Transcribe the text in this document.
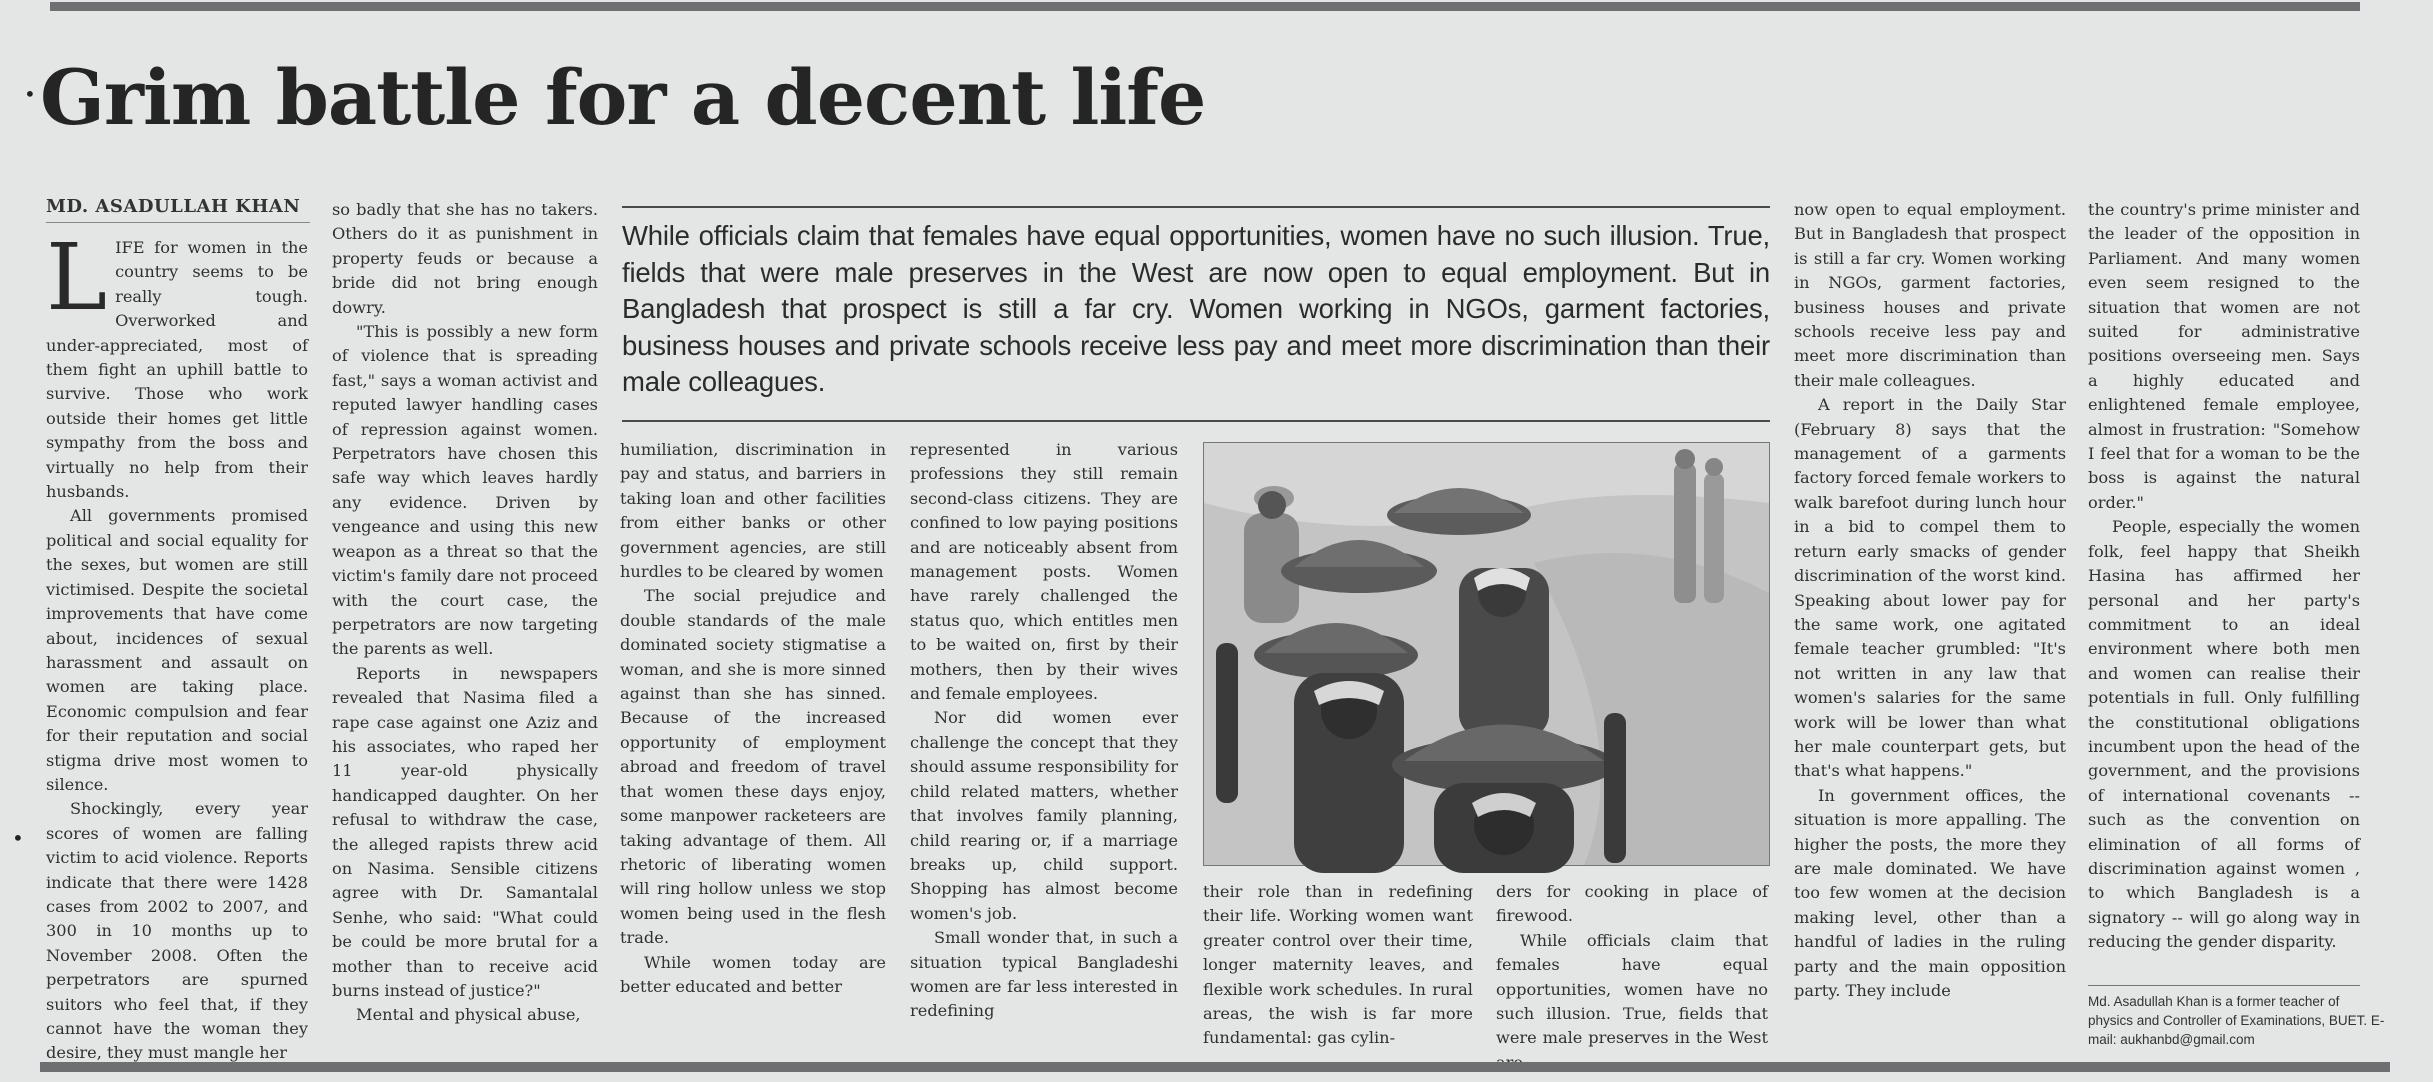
• Grim battle for a decent life
MD. ASADULLAH KHAN

LIFE for women in the country seems to be really tough. Overworked and under-appreciated, most of them fight an uphill battle to survive. Those who work outside their homes get little sympathy from the boss and virtually no help from their husbands.

All governments promised political and social equality for the sexes, but women are still victimised. Despite the societal improvements that have come about, incidences of sexual harassment and assault on women are taking place. Economic compulsion and fear for their reputation and social stigma drive most women to silence.

Shockingly, every year scores of women are falling victim to acid violence. Reports indicate that there were 1428 cases from 2002 to 2007, and 300 in 10 months up to November 2008. Often the perpetrators are spurned suitors who feel that, if they cannot have the woman they desire, they must mangle her

•

so badly that she has no takers. Others do it as punishment in property feuds or because a bride did not bring enough dowry.

"This is possibly a new form of violence that is spreading fast," says a woman activist and reputed lawyer handling cases of repression against women. Perpetrators have chosen this safe way which leaves hardly any evidence. Driven by vengeance and using this new weapon as a threat so that the victim's family dare not proceed with the court case, the perpetrators are now targeting the parents as well.

Reports in newspapers revealed that Nasima filed a rape case against one Aziz and his associates, who raped her 11 year-old physically handicapped daughter. On her refusal to withdraw the case, the alleged rapists threw acid on Nasima. Sensible citizens agree with Dr. Samantalal Senhe, who said: "What could be could be more brutal for a mother than to receive acid burns instead of justice?"

Mental and physical abuse,

While officials claim that females have equal opportunities, women have no such illusion. True, fields that were male preserves in the West are now open to equal employment. But in Bangladesh that prospect is still a far cry. Women working in NGOs, garment factories, business houses and private schools receive less pay and meet more discrimination than their male colleagues.

humiliation, discrimination in pay and status, and barriers in taking loan and other facilities from either banks or other government agencies, are still hurdles to be cleared by women

The social prejudice and double standards of the male dominated society stigmatise a woman, and she is more sinned against than she has sinned. Because of the increased opportunity of employment abroad and freedom of travel that women these days enjoy, some manpower racketeers are taking advantage of them. All rhetoric of liberating women will ring hollow unless we stop women being used in the flesh trade.

While women today are better educated and better

represented in various professions they still remain second-class citizens. They are confined to low paying positions and are noticeably absent from management posts. Women have rarely challenged the status quo, which entitles men to be waited on, first by their mothers, then by their wives and female employees.

Nor did women ever challenge the concept that they should assume responsibility for child related matters, whether that involves family planning, child rearing or, if a marriage breaks up, child support. Shopping has almost become women's job.

Small wonder that, in such a situation typical Bangladeshi women are far less interested in redefining

their role than in redefining their life. Working women want greater control over their time, longer maternity leaves, and flexible work schedules. In rural areas, the wish is far more fundamental: gas cylin-

ders for cooking in place of firewood.

While officials claim that females have equal opportunities, women have no such illusion. True, fields that were male preserves in the West

now open to equal employment. But in Bangladesh that prospect is still a far cry. Women working in NGOs, garment factories, business houses and private schools receive less pay and meet more discrimination than their male colleagues.

A report in the Daily Star (February 8) says that the management of a garments factory forced female workers to walk barefoot during lunch hour in a bid to compel them to return early smacks of gender discrimination of the worst kind. Speaking about lower pay for the same work, one agitated female teacher grumbled: "It's not written in any law that women's salaries for the same work will be lower than what her male counterpart gets, but that's what happens."

In government offices, the situation is more appalling. The higher the posts, the more they are male dominated. We have too few women at the decision making level, other than a handful of ladies in the ruling party and the main opposition party. They include

the country's prime minister and the leader of the opposition in Parliament. And many women even seem resigned to the situation that women are not suited for administrative positions overseeing men. Says a highly educated and enlightened female employee, almost in frustration: "Somehow I feel that for a woman to be the boss is against the natural order."

People, especially the women folk, feel happy that Sheikh Hasina has affirmed her personal and her party's commitment to an ideal environment where both men and women can realise their potentials in full. Only fulfilling the constitutional obligations incumbent upon the head of the government, and the provisions of international covenants -- such as the convention on elimination of all forms of discrimination against women , to which Bangladesh is a signatory -- will go along way in reducing the gender disparity.

Md. Asadullah Khan is a former teacher of physics and Controller of Examinations, BUET. E-mail: aukhanbd@gmail.com
